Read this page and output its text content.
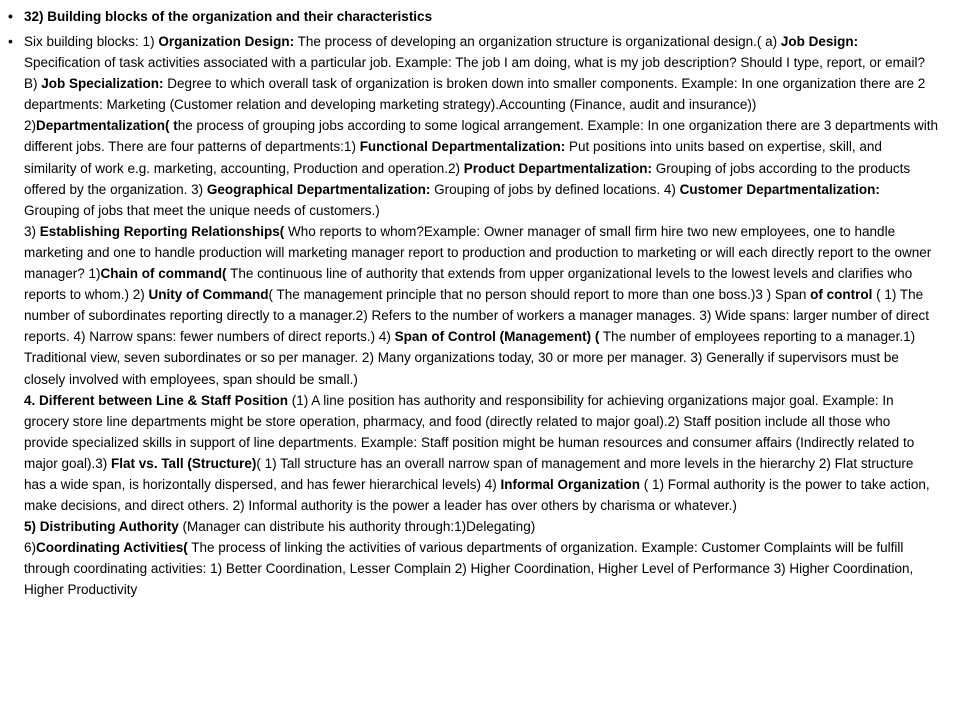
• 32) Building blocks of the organization and their characteristics
• Six building blocks: 1) Organization Design: The process of developing an organization structure is organizational design.( a) Job Design: Specification of task activities associated with a particular job. Example: The job I am doing, what is my job description? Should I type, report, or email? B) Job Specialization: Degree to which overall task of organization is broken down into smaller components. Example: In one organization there are 2 departments: Marketing (Customer relation and developing marketing strategy).Accounting (Finance, audit and insurance))

2)Departmentalization( the process of grouping jobs according to some logical arrangement. Example: In one organization there are 3 departments with different jobs. There are four patterns of departments:1) Functional Departmentalization: Put positions into units based on expertise, skill, and similarity of work e.g. marketing, accounting, Production and operation.2) Product Departmentalization: Grouping of jobs according to the products offered by the organization. 3) Geographical Departmentalization: Grouping of jobs by defined locations. 4) Customer Departmentalization: Grouping of jobs that meet the unique needs of customers.)

3) Establishing Reporting Relationships( Who reports to whom?Example: Owner manager of small firm hire two new employees, one to handle marketing and one to handle production will marketing manager report to production and production to marketing or will each directly report to the owner manager? 1)Chain of command( The continuous line of authority that extends from upper organizational levels to the lowest levels and clarifies who reports to whom.) 2) Unity of Command( The management principle that no person should report to more than one boss.)3 ) Span of control ( 1) The number of subordinates reporting directly to a manager.2) Refers to the number of workers a manager manages. 3) Wide spans: larger number of direct reports. 4) Narrow spans: fewer numbers of direct reports.) 4) Span of Control (Management) ( The number of employees reporting to a manager.1) Traditional view, seven subordinates or so per manager. 2) Many organizations today, 30 or more per manager. 3) Generally if supervisors must be closely involved with employees, span should be small.)

4. Different between Line & Staff Position (1) A line position has authority and responsibility for achieving organizations major goal. Example: In grocery store line departments might be store operation, pharmacy, and food (directly related to major goal).2) Staff position include all those who provide specialized skills in support of line departments. Example: Staff position might be human resources and consumer affairs (Indirectly related to major goal).3) Flat vs. Tall (Structure)( 1) Tall structure has an overall narrow span of management and more levels in the hierarchy 2) Flat structure has a wide span, is horizontally dispersed, and has fewer hierarchical levels) 4) Informal Organization ( 1) Formal authority is the power to take action, make decisions, and direct others. 2) Informal authority is the power a leader has over others by charisma or whatever.)

5) Distributing Authority (Manager can distribute his authority through:1)Delegating)

6)Coordinating Activities( The process of linking the activities of various departments of organization. Example: Customer Complaints will be fulfill through coordinating activities: 1) Better Coordination, Lesser Complain 2) Higher Coordination, Higher Level of Performance 3) Higher Coordination, Higher Productivity
